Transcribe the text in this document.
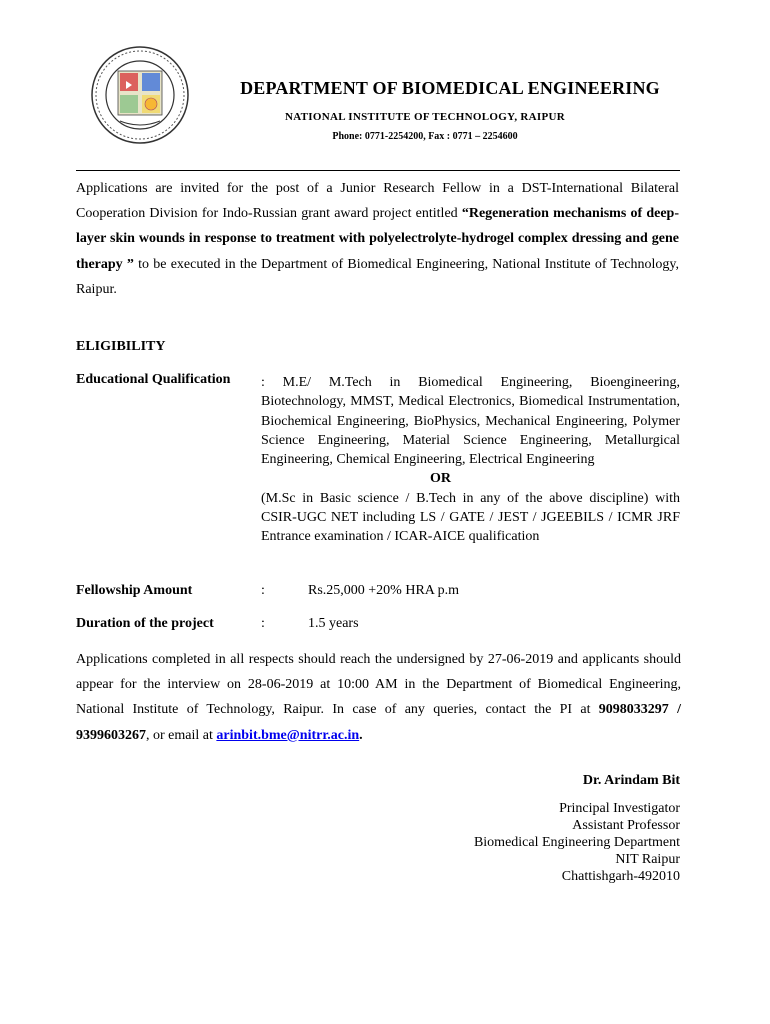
DEPARTMENT OF BIOMEDICAL ENGINEERING
NATIONAL INSTITUTE OF TECHNOLOGY, RAIPUR
Phone: 0771-2254200, Fax : 0771 – 2254600
Applications are invited for the post of a Junior Research Fellow in a DST-International Bilateral Cooperation Division for Indo-Russian grant award project entitled “Regeneration mechanisms of deep-layer skin wounds in response to treatment with polyelectrolyte-hydrogel complex dressing and gene therapy ” to be executed in the Department of Biomedical Engineering, National Institute of Technology, Raipur.
ELIGIBILITY
Educational Qualification : M.E/ M.Tech in Biomedical Engineering, Bioengineering, Biotechnology, MMST, Medical Electronics, Biomedical Instrumentation, Biochemical Engineering, BioPhysics, Mechanical Engineering, Polymer Science Engineering, Material Science Engineering, Metallurgical Engineering, Chemical Engineering, Electrical Engineering

OR

(M.Sc in Basic science / B.Tech in any of the above discipline) with CSIR-UGC NET including LS / GATE / JEST / JGEEBILS / ICMR JRF Entrance examination / ICAR-AICE qualification

Fellowship Amount	:	Rs.25,000 +20% HRA p.m
Duration of the project	:	1.5 years
Applications completed in all respects should reach the undersigned by 27-06-2019 and applicants should appear for the interview on 28-06-2019 at 10:00 AM in the Department of Biomedical Engineering, National Institute of Technology, Raipur. In case of any queries, contact the PI at 9098033297 / 9399603267, or email at arinbit.bme@nitrr.ac.in.
Dr. Arindam Bit
Principal Investigator
Assistant Professor
Biomedical Engineering Department
NIT Raipur
Chattishgarh-492010
